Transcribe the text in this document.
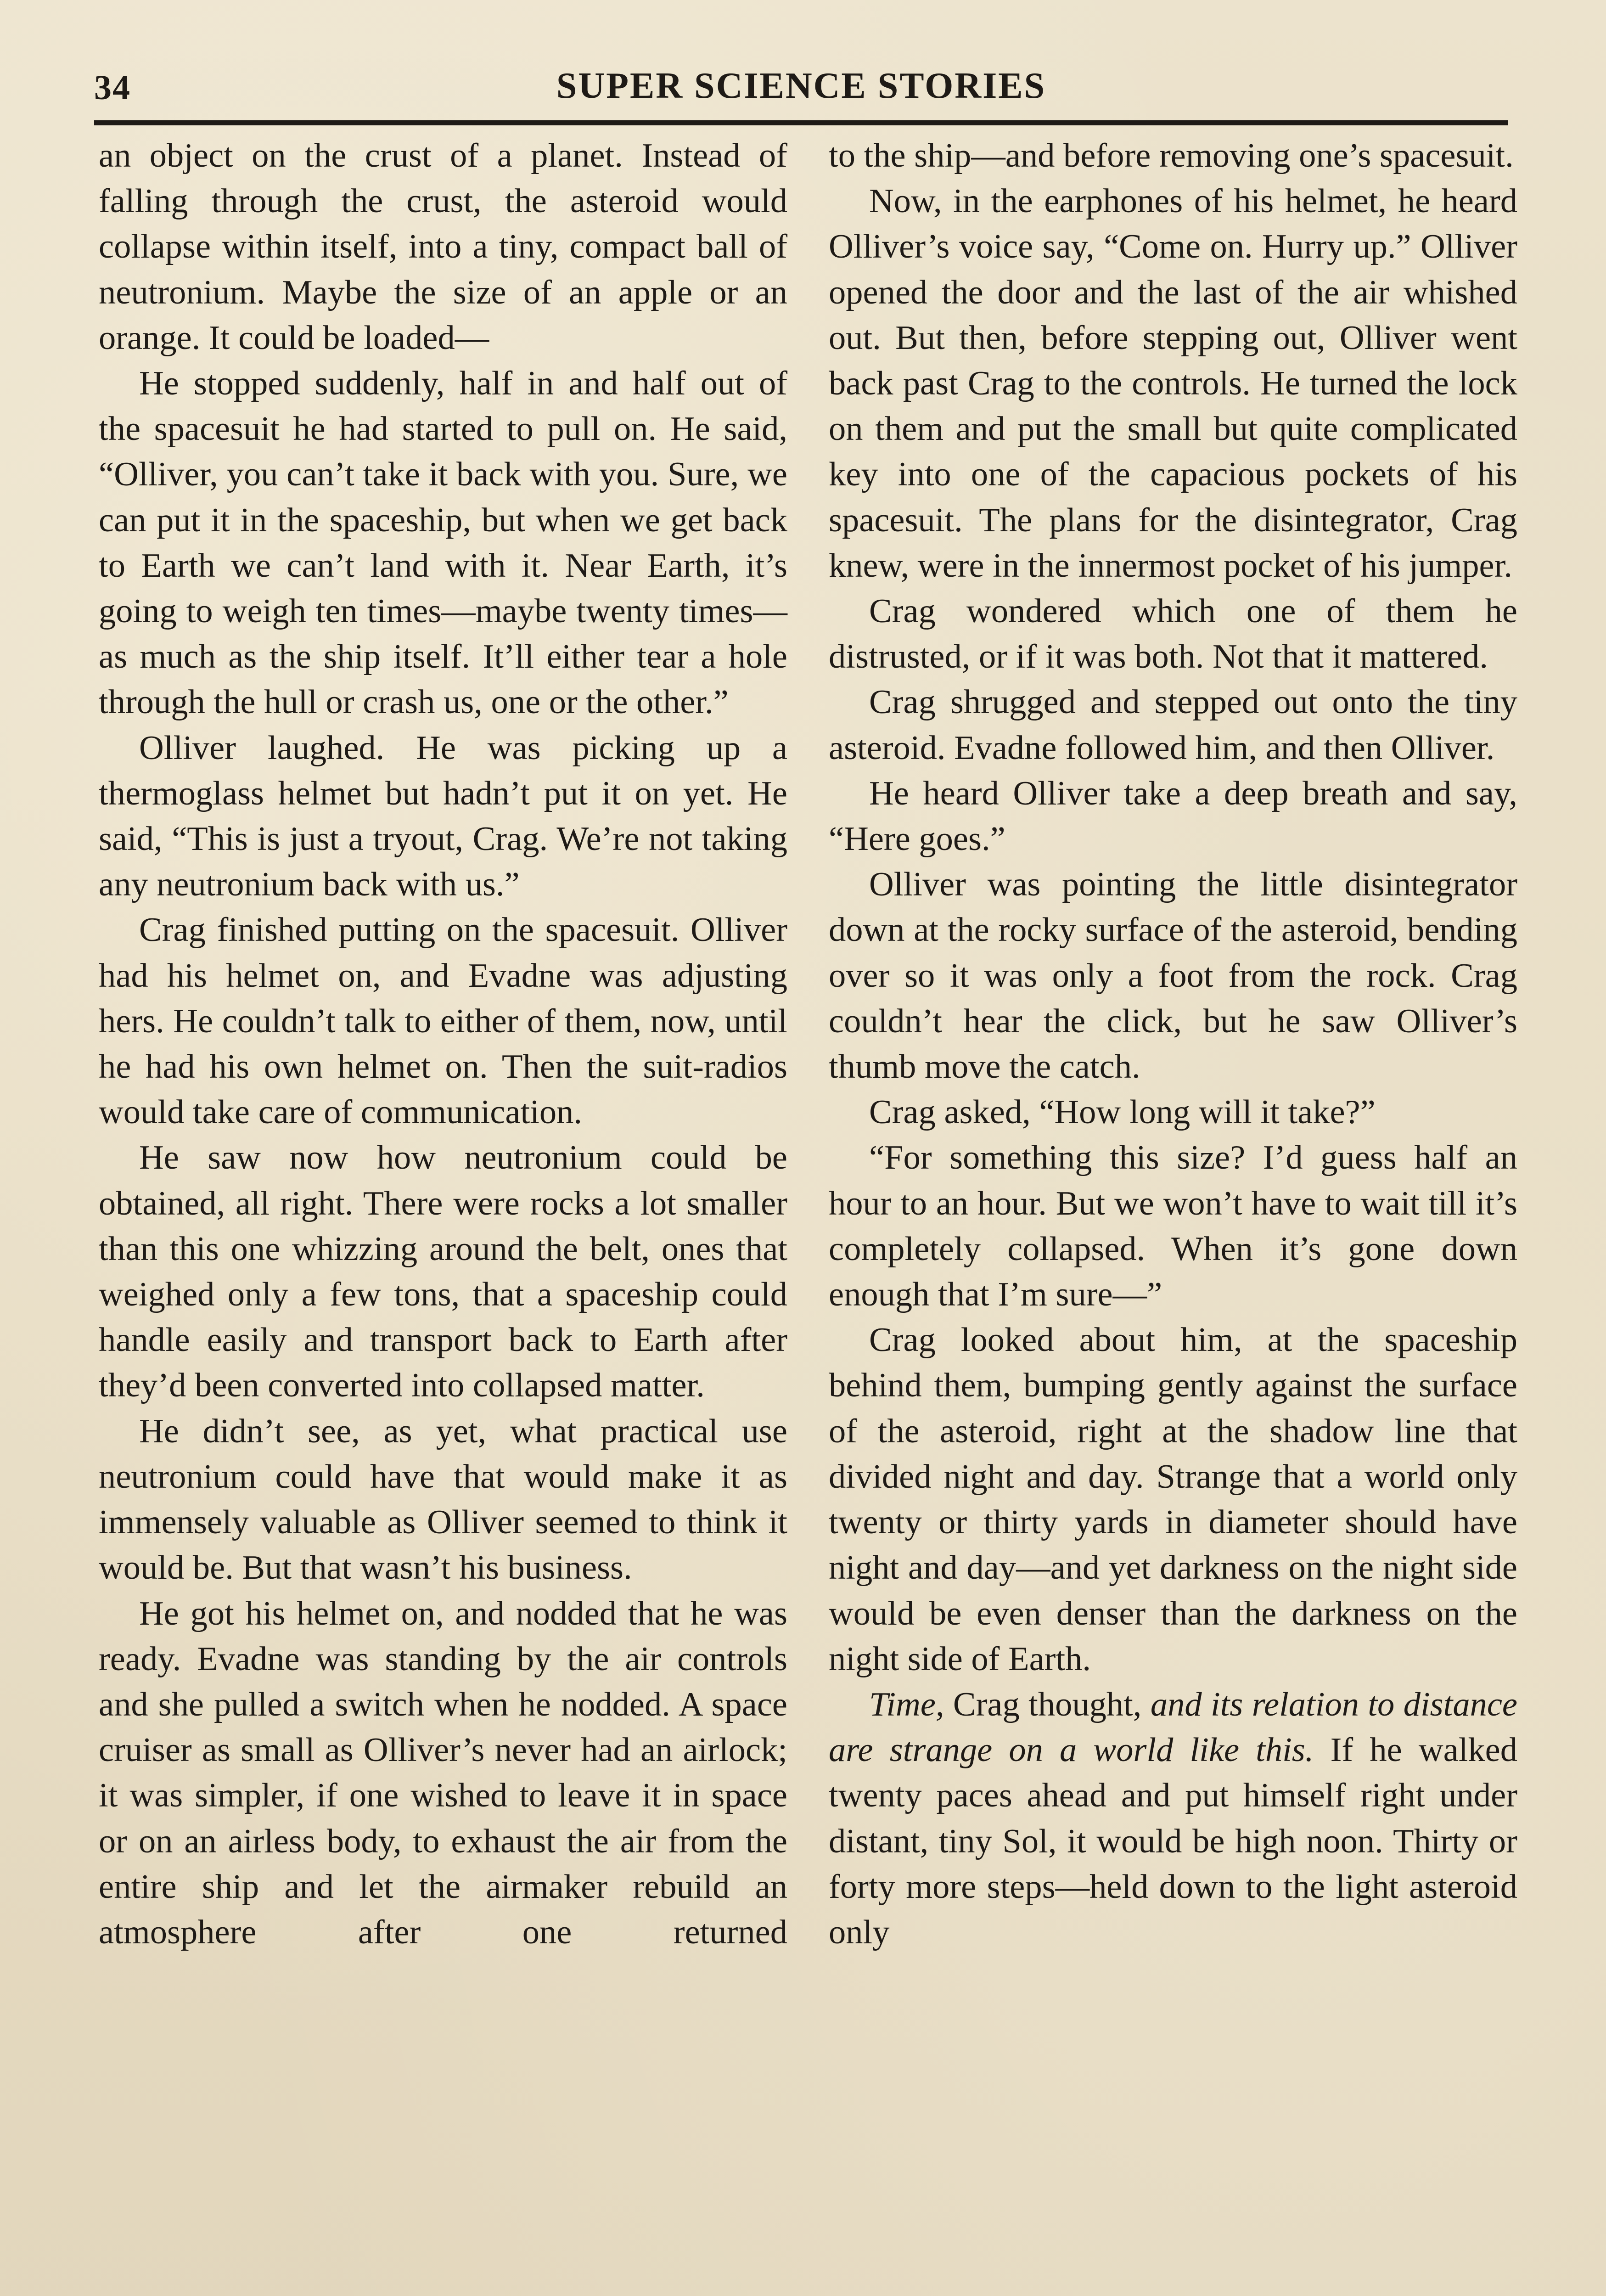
34	SUPER SCIENCE STORIES

an object on the crust of a planet. Instead of falling through the crust, the asteroid would collapse within itself, into a tiny, compact ball of neutronium. Maybe the size of an apple or an orange. It could be loaded—

He stopped suddenly, half in and half out of the spacesuit he had started to pull on. He said, “Olliver, you can’t take it back with you. Sure, we can put it in the spaceship, but when we get back to Earth we can’t land with it. Near Earth, it’s going to weigh ten times—maybe twenty times—as much as the ship itself. It’ll either tear a hole through the hull or crash us, one or the other.”

Olliver laughed. He was picking up a thermoglass helmet but hadn’t put it on yet. He said, “This is just a tryout, Crag. We’re not taking any neutronium back with us.”

Crag finished putting on the spacesuit. Olliver had his helmet on, and Evadne was adjusting hers. He couldn’t talk to either of them, now, until he had his own helmet on. Then the suit-radios would take care of communication.

He saw now how neutronium could be obtained, all right. There were rocks a lot smaller than this one whizzing around the belt, ones that weighed only a few tons, that a spaceship could handle easily and transport back to Earth after they’d been converted into collapsed matter.

He didn’t see, as yet, what practical use neutronium could have that would make it as immensely valuable as Olliver seemed to think it would be. But that wasn’t his business.

He got his helmet on, and nodded that he was ready. Evadne was standing by the air controls and she pulled a switch when he nodded. A space cruiser as small as Olliver’s never had an airlock; it was simpler, if one wished to leave it in space or on an airless body, to exhaust the air from the entire ship and let the airmaker rebuild an atmosphere after one returned

to the ship—and before removing one’s spacesuit.

Now, in the earphones of his helmet, he heard Olliver’s voice say, “Come on. Hurry up.” Olliver opened the door and the last of the air whished out. But then, before stepping out, Olliver went back past Crag to the controls. He turned the lock on them and put the small but quite complicated key into one of the capacious pockets of his spacesuit. The plans for the disintegrator, Crag knew, were in the innermost pocket of his jumper.

Crag wondered which one of them he distrusted, or if it was both. Not that it mattered.

Crag shrugged and stepped out onto the tiny asteroid. Evadne followed him, and then Olliver.

He heard Olliver take a deep breath and say, “Here goes.”

Olliver was pointing the little disintegrator down at the rocky surface of the asteroid, bending over so it was only a foot from the rock. Crag couldn’t hear the click, but he saw Olliver’s thumb move the catch.

Crag asked, “How long will it take?”

“For something this size? I’d guess half an hour to an hour. But we won’t have to wait till it’s completely collapsed. When it’s gone down enough that I’m sure—”

Crag looked about him, at the spaceship behind them, bumping gently against the surface of the asteroid, right at the shadow line that divided night and day. Strange that a world only twenty or thirty yards in diameter should have night and day—and yet darkness on the night side would be even denser than the darkness on the night side of Earth.

Time, Crag thought, and its relation to distance are strange on a world like this. If he walked twenty paces ahead and put himself right under distant, tiny Sol, it would be high noon. Thirty or forty more steps—held down to the light asteroid only
